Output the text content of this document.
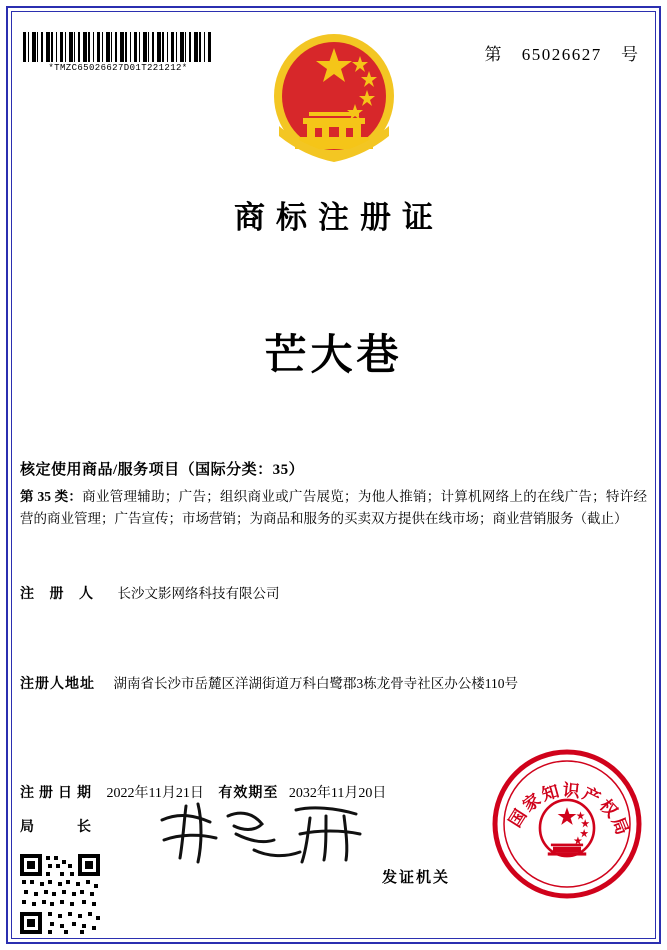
*TMZC65026627D01T221212*
第 65026627 号
商标注册证
芒大巷
核定使用商品/服务项目（国际分类：35）
第 35 类：商业管理辅助；广告；组织商业或广告展览；为他人推销；计算机网络上的在线广告；特许经营的商业管理；广告宣传；市场营销；为商品和服务的买卖双方提供在线市场；商业营销服务（截止）
注 册 人 长沙文影网络科技有限公司
注册人地址 湖南省长沙市岳麓区洋湖街道万科白鹭郡3栋龙骨寺社区办公楼110号
注册日期 2022年11月21日 有效期至 2032年11月20日
局　　长
发证机关
国家知识产权局
